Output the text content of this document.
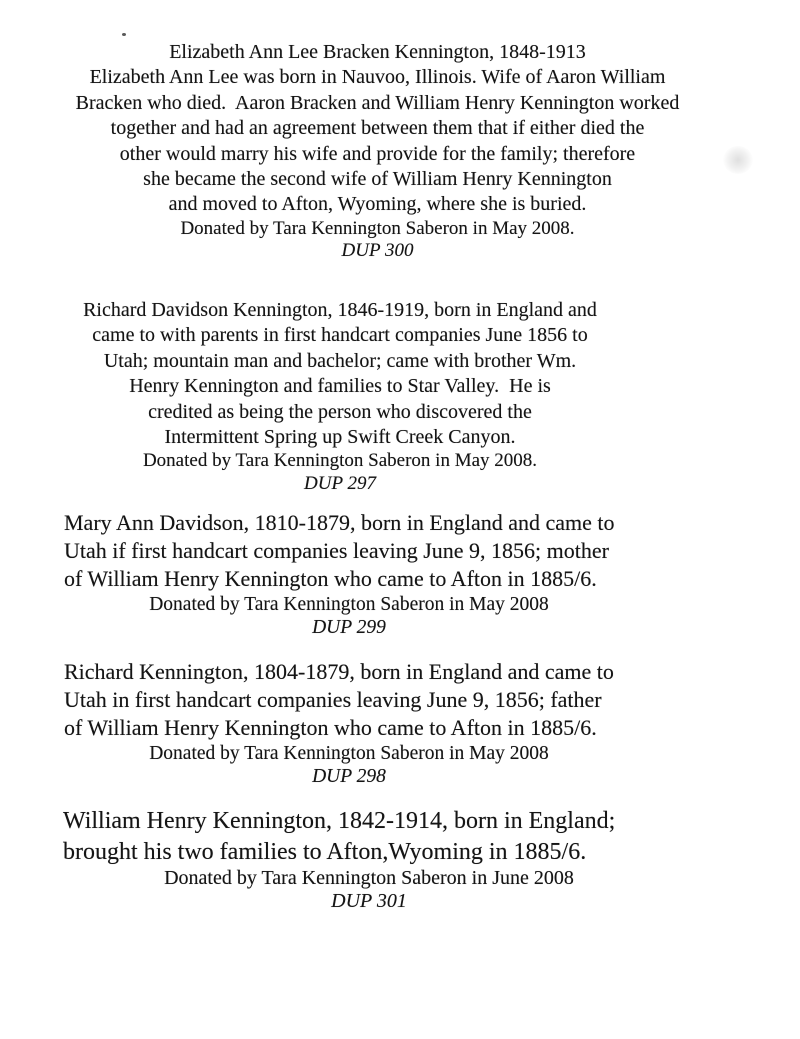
Elizabeth Ann Lee Bracken Kennington, 1848-1913
Elizabeth Ann Lee was born in Nauvoo, Illinois. Wife of Aaron William
Bracken who died.  Aaron Bracken and William Henry Kennington worked
together and had an agreement between them that if either died the
other would marry his wife and provide for the family; therefore
she became the second wife of William Henry Kennington
and moved to Afton, Wyoming, where she is buried.
Donated by Tara Kennington Saberon in May 2008.
DUP 300
Richard Davidson Kennington, 1846-1919, born in England and
came to with parents in first handcart companies June 1856 to
Utah; mountain man and bachelor; came with brother Wm.
Henry Kennington and families to Star Valley.  He is
credited as being the person who discovered the
Intermittent Spring up Swift Creek Canyon.
Donated by Tara Kennington Saberon in May 2008.
DUP 297
Mary Ann Davidson, 1810-1879, born in England and came to
Utah if first handcart companies leaving June 9, 1856; mother
of William Henry Kennington who came to Afton in 1885/6.
Donated by Tara Kennington Saberon in May 2008
DUP 299
Richard Kennington, 1804-1879, born in England and came to
Utah in first handcart companies leaving June 9, 1856; father
of William Henry Kennington who came to Afton in 1885/6.
Donated by Tara Kennington Saberon in May 2008
DUP 298
William Henry Kennington, 1842-1914, born in England;
brought his two families to Afton,Wyoming in 1885/6.
Donated by Tara Kennington Saberon in June 2008
DUP 301
